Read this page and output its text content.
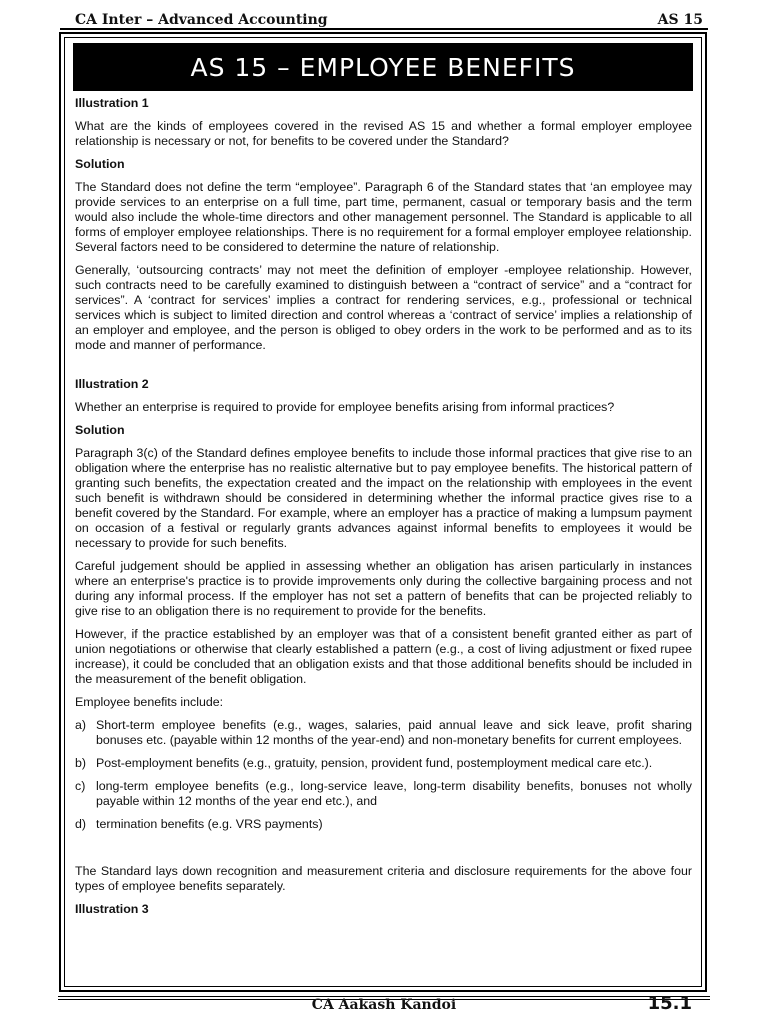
CA Inter – Advanced Accounting	AS 15
AS 15 – EMPLOYEE BENEFITS
Illustration 1

What are the kinds of employees covered in the revised AS 15 and whether a formal employer employee relationship is necessary or not, for benefits to be covered under the Standard?

Solution

The Standard does not define the term “employee”. Paragraph 6 of the Standard states that ‘an employee may provide services to an enterprise on a full time, part time, permanent, casual or temporary basis and the term would also include the whole-time directors and other management personnel. The Standard is applicable to all forms of employer employee relationships. There is no requirement for a formal employer employee relationship. Several factors need to be considered to determine the nature of relationship.

Generally, ‘outsourcing contracts’ may not meet the definition of employer -employee relationship. However, such contracts need to be carefully examined to distinguish between a “contract of service” and a “contract for services”. A ‘contract for services’ implies a contract for rendering services, e.g., professional or technical services which is subject to limited direction and control whereas a ‘contract of service’ implies a relationship of an employer and employee, and the person is obliged to obey orders in the work to be performed and as to its mode and manner of performance.

Illustration 2

Whether an enterprise is required to provide for employee benefits arising from informal practices?

Solution

Paragraph 3(c) of the Standard defines employee benefits to include those informal practices that give rise to an obligation where the enterprise has no realistic alternative but to pay employee benefits. The historical pattern of granting such benefits, the expectation created and the impact on the relationship with employees in the event such benefit is withdrawn should be considered in determining whether the informal practice gives rise to a benefit covered by the Standard. For example, where an employer has a practice of making a lumpsum payment on occasion of a festival or regularly grants advances against informal benefits to employees it would be necessary to provide for such benefits.

Careful judgement should be applied in assessing whether an obligation has arisen particularly in instances where an enterprise's practice is to provide improvements only during the collective bargaining process and not during any informal process. If the employer has not set a pattern of benefits that can be projected reliably to give rise to an obligation there is no requirement to provide for the benefits.

However, if the practice established by an employer was that of a consistent benefit granted either as part of union negotiations or otherwise that clearly established a pattern (e.g., a cost of living adjustment or fixed rupee increase), it could be concluded that an obligation exists and that those additional benefits should be included in the measurement of the benefit obligation.

Employee benefits include:

a) Short-term employee benefits (e.g., wages, salaries, paid annual leave and sick leave, profit sharing bonuses etc. (payable within 12 months of the year-end) and non-monetary benefits for current employees.
b) Post-employment benefits (e.g., gratuity, pension, provident fund, postemployment medical care etc.).
c) long-term employee benefits (e.g., long-service leave, long-term disability benefits, bonuses not wholly payable within 12 months of the year end etc.), and
d) termination benefits (e.g. VRS payments)

The Standard lays down recognition and measurement criteria and disclosure requirements for the above four types of employee benefits separately.

Illustration 3
CA Aakash Kandoi	15.1
